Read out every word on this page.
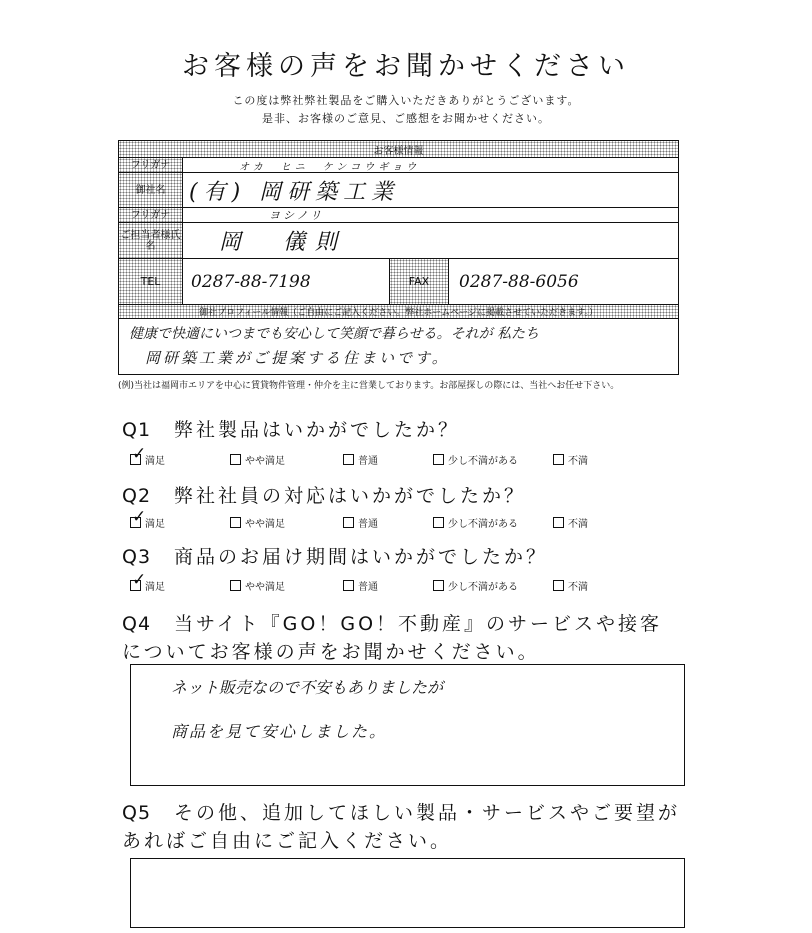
お客様の声をお聞かせください
この度は弊社弊社製品をご購入いただきありがとうございます。
是非、お客様のご意見、ご感想をお聞かせください。
お客様情報
フリガナ	オカ　ヒニ　ケンコウギョウ
御社名	(有) 岡研築工業
フリガナ	ヨシノリ
ご担当者様氏名	岡　儀則
TEL	0287-88-7198	FAX	0287-88-6056
御社プロフィール情報（ご自由にご記入ください。弊社ホームページに掲載させていただきます。）
健康で快適にいつまでも安心して笑顔で暮らせる。それが 私たち
岡研築工業がご提案する住まいです。
(例)当社は福岡市エリアを中心に賃貸物件管理・仲介を主に営業しております。お部屋探しの際には、当社へお任せ下さい。
Q1 弊社製品はいかがでしたか？
✓
満足	やや満足	普通	少し不満がある	不満
Q2 弊社社員の対応はいかがでしたか？
✓
満足	やや満足	普通	少し不満がある	不満
Q3 商品のお届け期間はいかがでしたか？
✓
満足	やや満足	普通	少し不満がある	不満
Q4 当サイト『GO！GO！不動産』のサービスや接客
についてお客様の声をお聞かせください。
ネット販売なので不安もありましたが
商品を見て安心しました。
Q5 その他、追加してほしい製品・サービスやご要望が
あればご自由にご記入ください。
